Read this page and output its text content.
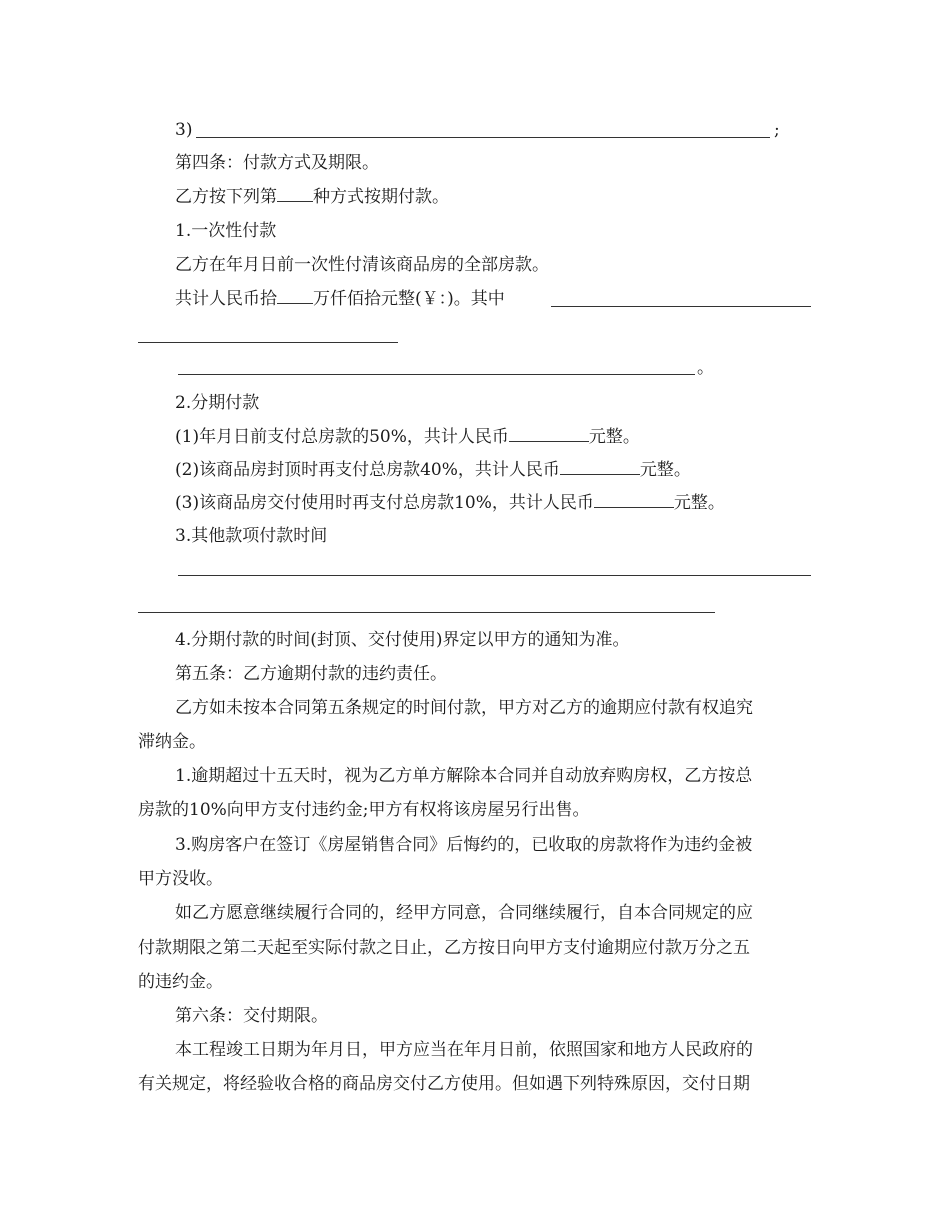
3)	;
第四条：付款方式及期限。
乙方按下列第 种方式按期付款。
1.一次性付款
乙方在年月日前一次性付清该商品房的全部房款。
共计人民币拾 万仟佰拾元整(￥：)。其中
。
2.分期付款
(1)年月日前支付总房款的50%，共计人民币	元整。
(2)该商品房封顶时再支付总房款40%，共计人民币	元整。
(3)该商品房交付使用时再支付总房款10%，共计人民币	元整。
3.其他款项付款时间
4.分期付款的时间(封顶、交付使用)界定以甲方的通知为准。
第五条：乙方逾期付款的违约责任。
乙方如未按本合同第五条规定的时间付款，甲方对乙方的逾期应付款有权追究
滞纳金。
1.逾期超过十五天时，视为乙方单方解除本合同并自动放弃购房权，乙方按总
房款的10%向甲方支付违约金;甲方有权将该房屋另行出售。
3.购房客户在签订《房屋销售合同》后悔约的，已收取的房款将作为违约金被
甲方没收。
如乙方愿意继续履行合同的，经甲方同意，合同继续履行，自本合同规定的应
付款期限之第二天起至实际付款之日止，乙方按日向甲方支付逾期应付款万分之五
的违约金。
第六条：交付期限。
本工程竣工日期为年月日，甲方应当在年月日前，依照国家和地方人民政府的
有关规定，将经验收合格的商品房交付乙方使用。但如遇下列特殊原因，交付日期
